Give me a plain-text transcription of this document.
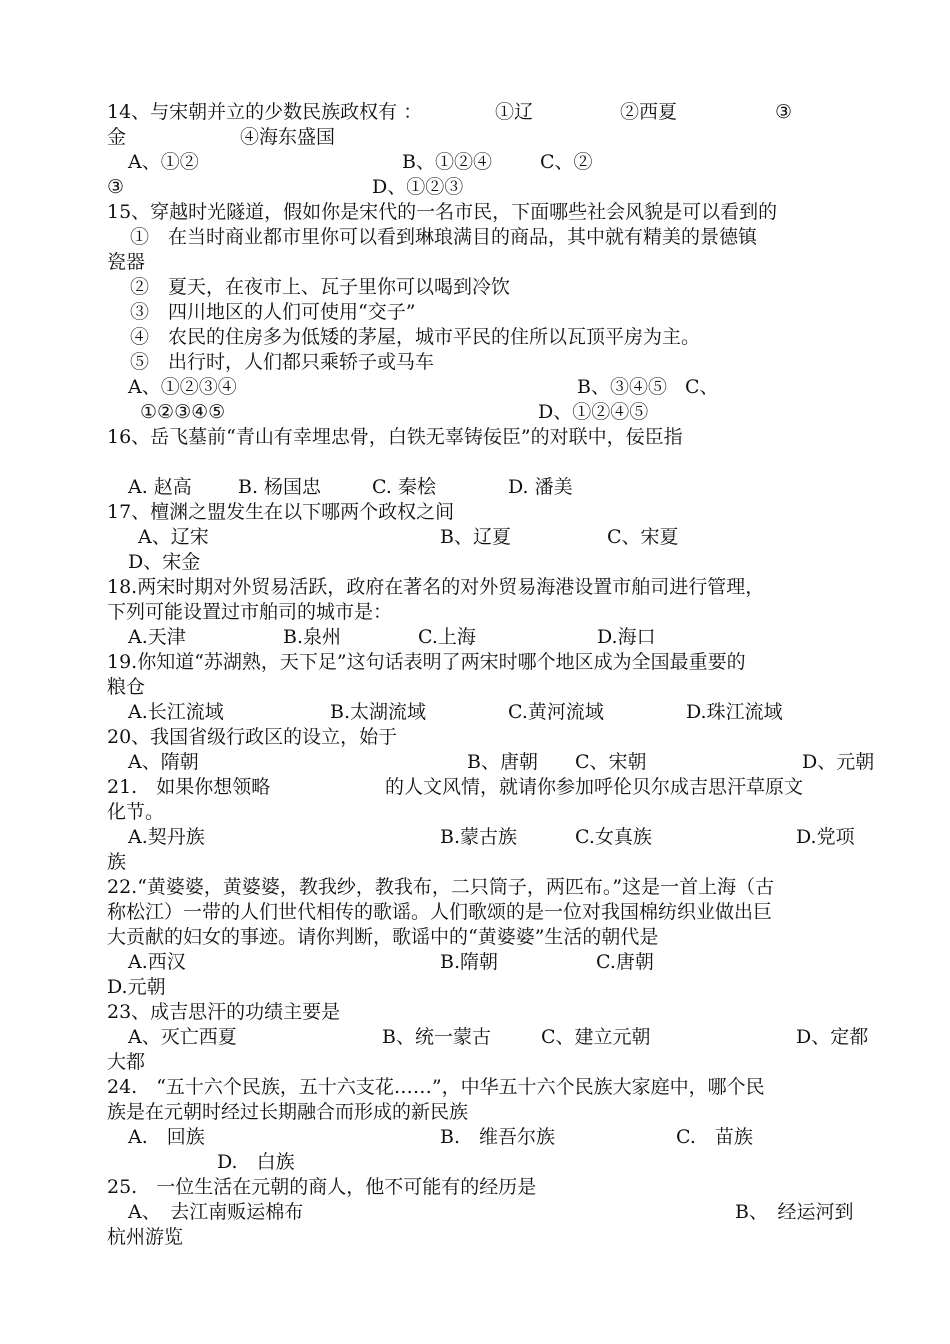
14、与宋朝并立的少数民族政权有 ：	①辽	②西夏	③
金	④海东盛国
A、①②	B、①②④	C、②
③	D、①②③
15、穿越时光隧道，假如你是宋代的一名市民，下面哪些社会风貌是可以看到的
①　在当时商业都市里你可以看到琳琅满目的商品，其中就有精美的景德镇
瓷器
②　夏天，在夜市上、瓦子里你可以喝到冷饮
③　四川地区的人们可使用“交子”
④　农民的住房多为低矮的茅屋，城市平民的住所以瓦顶平房为主。
⑤　出行时，人们都只乘轿子或马车
A、①②③④	B、③④⑤ C、
①②③④⑤	D、①②④⑤
16、岳飞墓前“青山有幸埋忠骨，白铁无辜铸佞臣”的对联中，佞臣指
A. 赵高 B. 杨国忠	C. 秦桧	D. 潘美
17、檀渊之盟发生在以下哪两个政权之间
A、辽宋	B、辽夏	C、宋夏
D、宋金
18.两宋时期对外贸易活跃，政府在著名的对外贸易海港设置市舶司进行管理，
下列可能设置过市舶司的城市是：
A.天津	B.泉州	C.上海	D.海口
19.你知道“苏湖熟，天下足”这句话表明了两宋时哪个地区成为全国最重要的
粮仓
A.长江流域	B.太湖流域	C.黄河流域	D.珠江流域
20、我国省级行政区的设立，始于
A、隋朝	B、唐朝 C、宋朝	D、元朝
21.　如果你想领略	的人文风情，就请你参加呼伦贝尔成吉思汗草原文
化节。
A.契丹族	B.蒙古族	C.女真族	D.党项
族
22.“黄婆婆，黄婆婆，教我纱，教我布，二只筒子，两匹布。”这是一首上海（古
称松江）一带的人们世代相传的歌谣。人们歌颂的是一位对我国棉纺织业做出巨
大贡献的妇女的事迹。请你判断，歌谣中的“黄婆婆”生活的朝代是
A.西汉	B.隋朝	C.唐朝
D.元朝
23、成吉思汗的功绩主要是
A、灭亡西夏	B、统一蒙古	C、建立元朝	D、定都
大都
24.　“五十六个民族，五十六支花……”，中华五十六个民族大家庭中，哪个民
族是在元朝时经过长期融合而形成的新民族
A.　回族	B.　维吾尔族	C.　苗族
D.　白族
25.　一位生活在元朝的商人，他不可能有的经历是
A、　去江南贩运棉布	B、　经运河到
杭州游览
